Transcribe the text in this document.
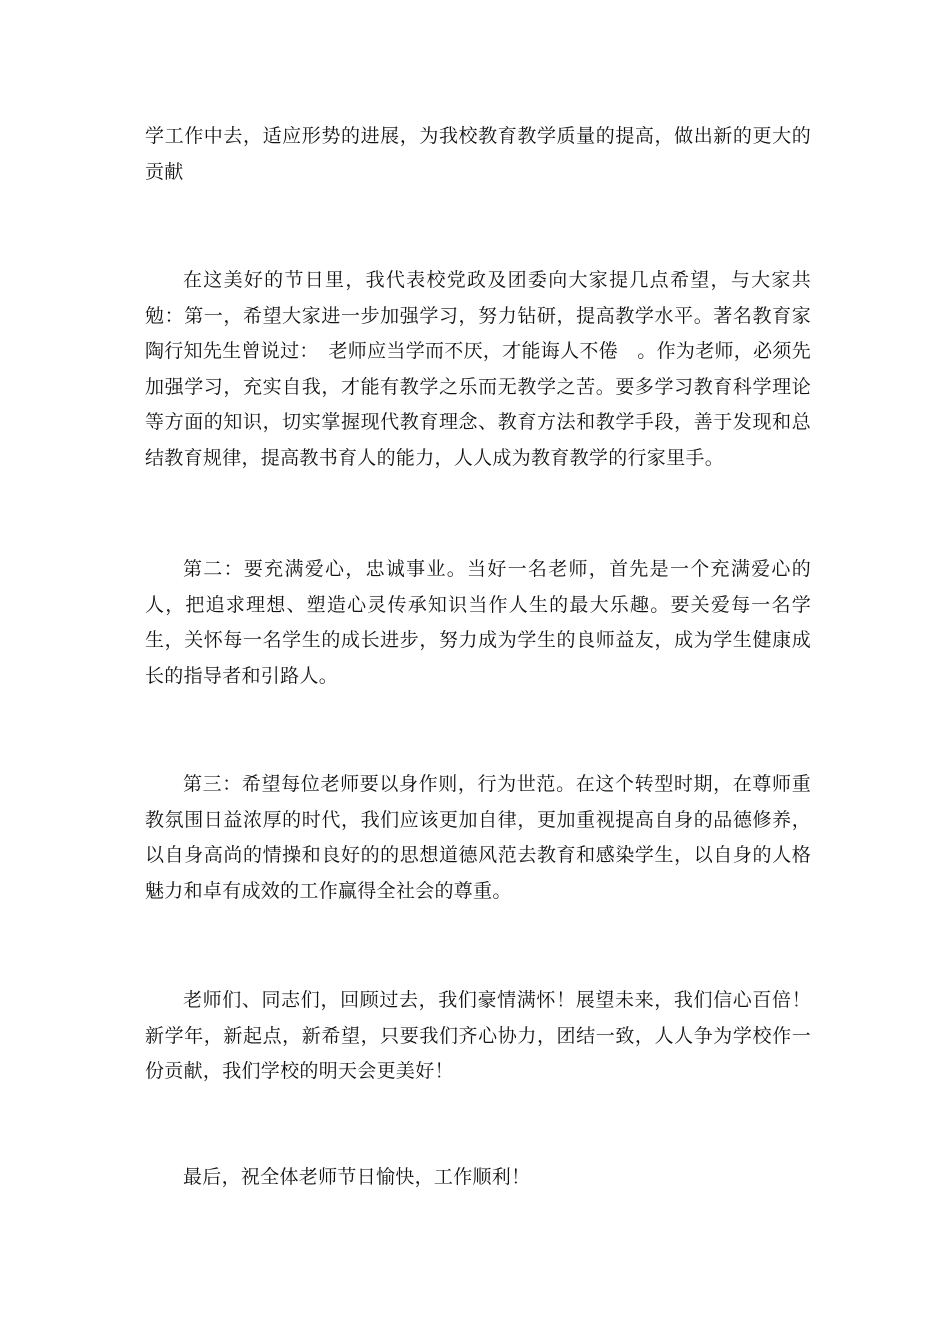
学工作中去，适应形势的进展，为我校教育教学质量的提高，做出新的更大的贡献

在这美好的节日里，我代表校党政及团委向大家提几点希望，与大家共勉：第一，希望大家进一步加强学习，努力钻研，提高教学水平。著名教育家陶行知先生曾说过：　老师应当学而不厌，才能诲人不倦　。作为老师，必须先加强学习，充实自我，才能有教学之乐而无教学之苦。要多学习教育科学理论等方面的知识，切实掌握现代教育理念、教育方法和教学手段，善于发现和总结教育规律，提高教书育人的能力，人人成为教育教学的行家里手。

第二：要充满爱心，忠诚事业。当好一名老师，首先是一个充满爱心的人，把追求理想、塑造心灵传承知识当作人生的最大乐趣。要关爱每一名学生，关怀每一名学生的成长进步，努力成为学生的良师益友，成为学生健康成长的指导者和引路人。

第三：希望每位老师要以身作则，行为世范。在这个转型时期，在尊师重教氛围日益浓厚的时代，我们应该更加自律，更加重视提高自身的品德修养，以自身高尚的情操和良好的的思想道德风范去教育和感染学生，以自身的人格魅力和卓有成效的工作赢得全社会的尊重。

老师们、同志们，回顾过去，我们豪情满怀！展望未来，我们信心百倍！新学年，新起点，新希望，只要我们齐心协力，团结一致，人人争为学校作一份贡献，我们学校的明天会更美好！

最后，祝全体老师节日愉快，工作顺利！
